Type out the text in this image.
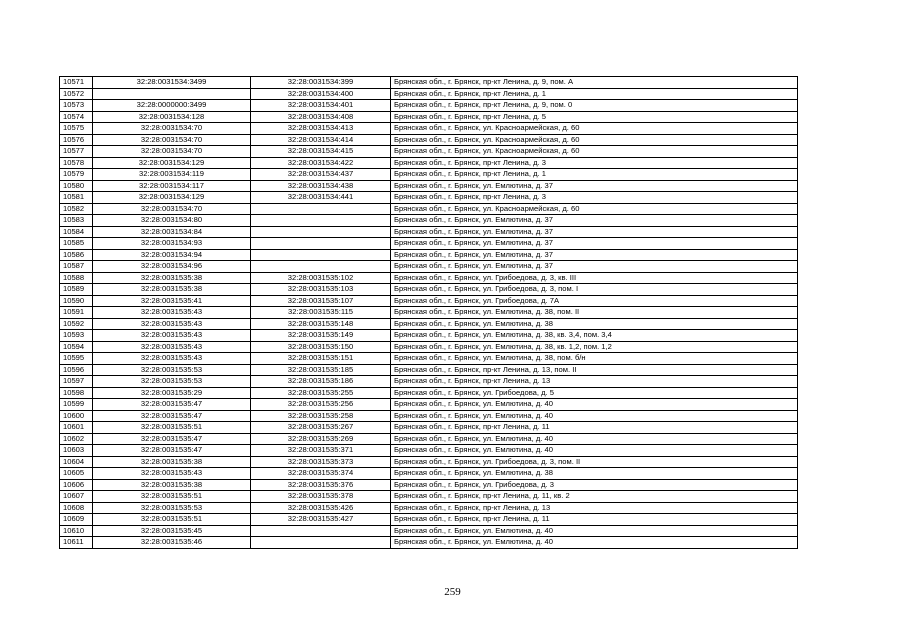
10571	32:28:0031534:3499	32:28:0031534:399	Брянская обл., г. Брянск, пр-кт Ленина, д. 9, пом. А
10572		32:28:0031534:400	Брянская обл., г. Брянск, пр-кт Ленина, д. 1
10573	32:28:0000000:3499	32:28:0031534:401	Брянская обл., г. Брянск, пр-кт Ленина, д. 9, пом. 0
10574	32:28:0031534:128	32:28:0031534:408	Брянская обл., г. Брянск, пр-кт Ленина, д. 5
10575	32:28:0031534:70	32:28:0031534:413	Брянская обл., г. Брянск, ул. Красноармейская, д. 60
10576	32:28:0031534:70	32:28:0031534:414	Брянская обл., г. Брянск, ул. Красноармейская, д. 60
10577	32:28:0031534:70	32:28:0031534:415	Брянская обл., г. Брянск, ул. Красноармейская, д. 60
10578	32:28:0031534:129	32:28:0031534:422	Брянская обл., г. Брянск, пр-кт Ленина, д. 3
10579	32:28:0031534:119	32:28:0031534:437	Брянская обл., г. Брянск, пр-кт Ленина, д. 1
10580	32:28:0031534:117	32:28:0031534:438	Брянская обл., г. Брянск, ул. Емлютина, д. 37
10581	32:28:0031534:129	32:28:0031534:441	Брянская обл., г. Брянск, пр-кт Ленина, д. 3
10582	32:28:0031534:70		Брянская обл., г. Брянск, ул. Красноармейская, д. 60
10583	32:28:0031534:80		Брянская обл., г. Брянск, ул. Емлютина, д. 37
10584	32:28:0031534:84		Брянская обл., г. Брянск, ул. Емлютина, д. 37
10585	32:28:0031534:93		Брянская обл., г. Брянск, ул. Емлютина, д. 37
10586	32:28:0031534:94		Брянская обл., г. Брянск, ул. Емлютина, д. 37
10587	32:28:0031534:96		Брянская обл., г. Брянск, ул. Емлютина, д. 37
10588	32:28:0031535:38	32:28:0031535:102	Брянская обл., г. Брянск, ул. Грибоедова, д. 3, кв. III
10589	32:28:0031535:38	32:28:0031535:103	Брянская обл., г. Брянск, ул. Грибоедова, д. 3, пом. I
10590	32:28:0031535:41	32:28:0031535:107	Брянская обл., г. Брянск, ул. Грибоедова, д. 7А
10591	32:28:0031535:43	32:28:0031535:115	Брянская обл., г. Брянск, ул. Емлютина, д. 38, пом. II
10592	32:28:0031535:43	32:28:0031535:148	Брянская обл., г. Брянск, ул. Емлютина, д. 38
10593	32:28:0031535:43	32:28:0031535:149	Брянская обл., г. Брянск, ул. Емлютина, д. 38, кв. 3,4, пом. 3,4
10594	32:28:0031535:43	32:28:0031535:150	Брянская обл., г. Брянск, ул. Емлютина, д. 38, кв. 1,2, пом. 1,2
10595	32:28:0031535:43	32:28:0031535:151	Брянская обл., г. Брянск, ул. Емлютина, д. 38, пом. б/н
10596	32:28:0031535:53	32:28:0031535:185	Брянская обл., г. Брянск, пр-кт Ленина, д. 13, пом. II
10597	32:28:0031535:53	32:28:0031535:186	Брянская обл., г. Брянск, пр-кт Ленина, д. 13
10598	32:28:0031535:29	32:28:0031535:255	Брянская обл., г. Брянск, ул. Грибоедова, д. 5
10599	32:28:0031535:47	32:28:0031535:256	Брянская обл., г. Брянск, ул. Емлютина, д. 40
10600	32:28:0031535:47	32:28:0031535:258	Брянская обл., г. Брянск, ул. Емлютина, д. 40
10601	32:28:0031535:51	32:28:0031535:267	Брянская обл., г. Брянск, пр-кт Ленина, д. 11
10602	32:28:0031535:47	32:28:0031535:269	Брянская обл., г. Брянск, ул. Емлютина, д. 40
10603	32:28:0031535:47	32:28:0031535:371	Брянская обл., г. Брянск, ул. Емлютина, д. 40
10604	32:28:0031535:38	32:28:0031535:373	Брянская обл., г. Брянск, ул. Грибоедова, д. 3, пом. II
10605	32:28:0031535:43	32:28:0031535:374	Брянская обл., г. Брянск, ул. Емлютина, д. 38
10606	32:28:0031535:38	32:28:0031535:376	Брянская обл., г. Брянск, ул. Грибоедова, д. 3
10607	32:28:0031535:51	32:28:0031535:378	Брянская обл., г. Брянск, пр-кт Ленина, д. 11, кв. 2
10608	32:28:0031535:53	32:28:0031535:426	Брянская обл., г. Брянск, пр-кт Ленина, д. 13
10609	32:28:0031535:51	32:28:0031535:427	Брянская обл., г. Брянск, пр-кт Ленина, д. 11
10610	32:28:0031535:45		Брянская обл., г. Брянск, ул. Емлютина, д. 40
10611	32:28:0031535:46		Брянская обл., г. Брянск, ул. Емлютина, д. 40
259
